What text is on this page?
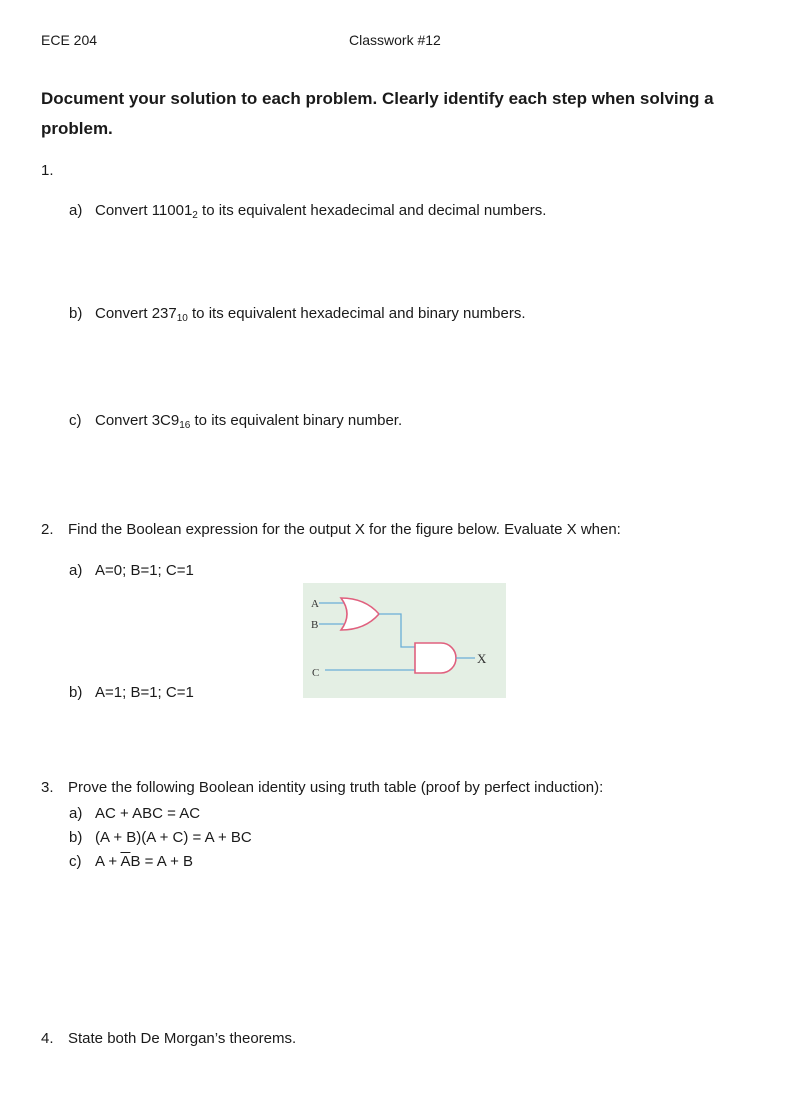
ECE 204	Classwork #12
Document your solution to each problem. Clearly identify each step when solving a problem.
1.
a) Convert $11001_2$ to its equivalent hexadecimal and decimal numbers.
b) Convert $237_{10}$ to its equivalent hexadecimal and binary numbers.
c) Convert $3C9_{16}$ to its equivalent binary number.
2. Find the Boolean expression for the output X for the figure below. Evaluate X when:
a) A=0; B=1; C=1
b) A=1; B=1; C=1
A
B
C
X
3. Prove the following Boolean identity using truth table (proof by perfect induction):
a) AC + ABC = AC
b) (A + B)(A + C) = A + BC
c) $A + \overline{A}B = A + B$
4. State both De Morgan’s theorems.
